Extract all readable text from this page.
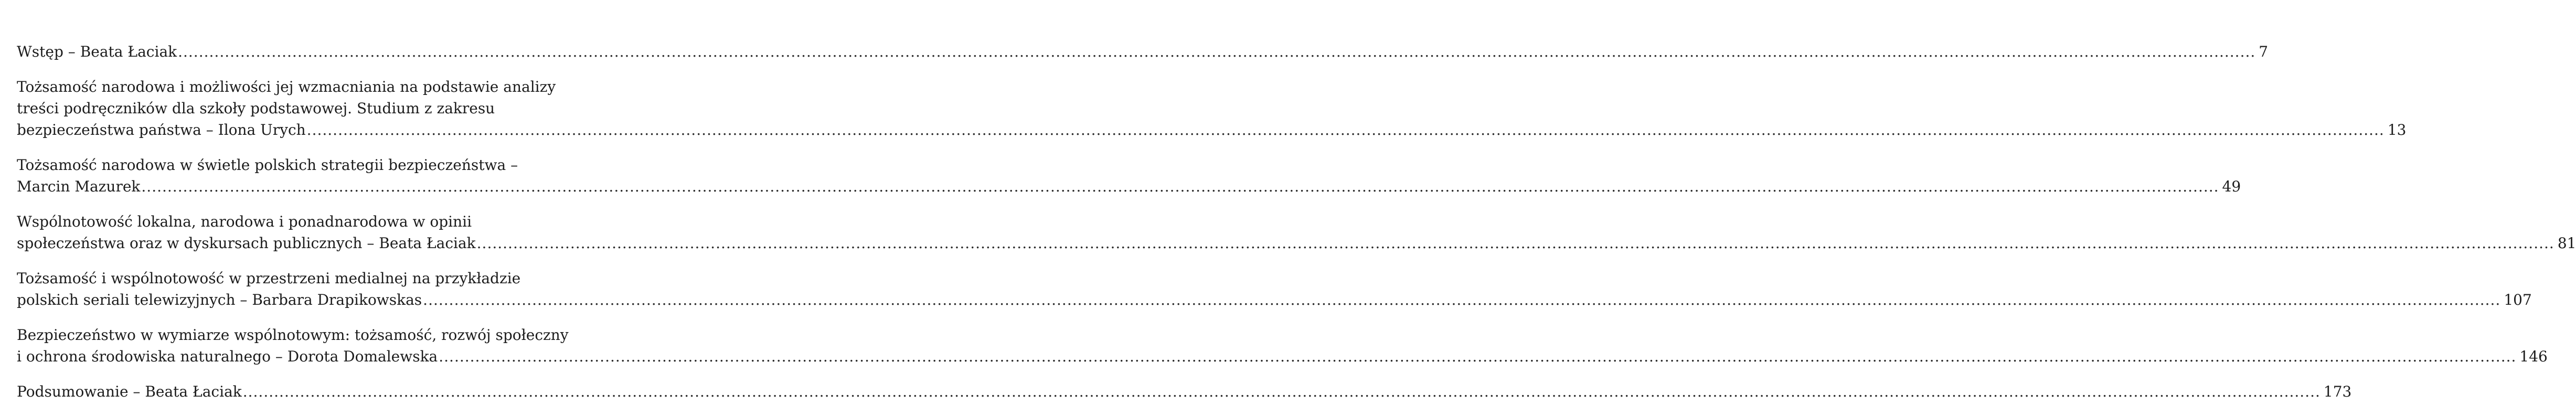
Wstęp – Beata Łaciak ................................................................................................................................................................................................................................................................................................................................................................................................................ 7
Tożsamość narodowa i możliwości jej wzmacniania na podstawie analizy
treści podręczników dla szkoły podstawowej. Studium z zakresu
bezpieczeństwa państwa – Ilona Urych ................................................................................................................................................................................................................................................................................................................................................................................................................ 13
Tożsamość narodowa w świetle polskich strategii bezpieczeństwa –
Marcin Mazurek ................................................................................................................................................................................................................................................................................................................................................................................................................ 49
Wspólnotowość lokalna, narodowa i ponadnarodowa w opinii
społeczeństwa oraz w dyskursach publicznych – Beata Łaciak ................................................................................................................................................................................................................................................................................................................................................................................................................ 81
Tożsamość i wspólnotowość w przestrzeni medialnej na przykładzie
polskich seriali telewizyjnych – Barbara Drapikowskas ................................................................................................................................................................................................................................................................................................................................................................................................................ 107
Bezpieczeństwo w wymiarze wspólnotowym: tożsamość, rozwój społeczny
i ochrona środowiska naturalnego – Dorota Domalewska ................................................................................................................................................................................................................................................................................................................................................................................................................ 146
Podsumowanie – Beata Łaciak ................................................................................................................................................................................................................................................................................................................................................................................................................ 173
